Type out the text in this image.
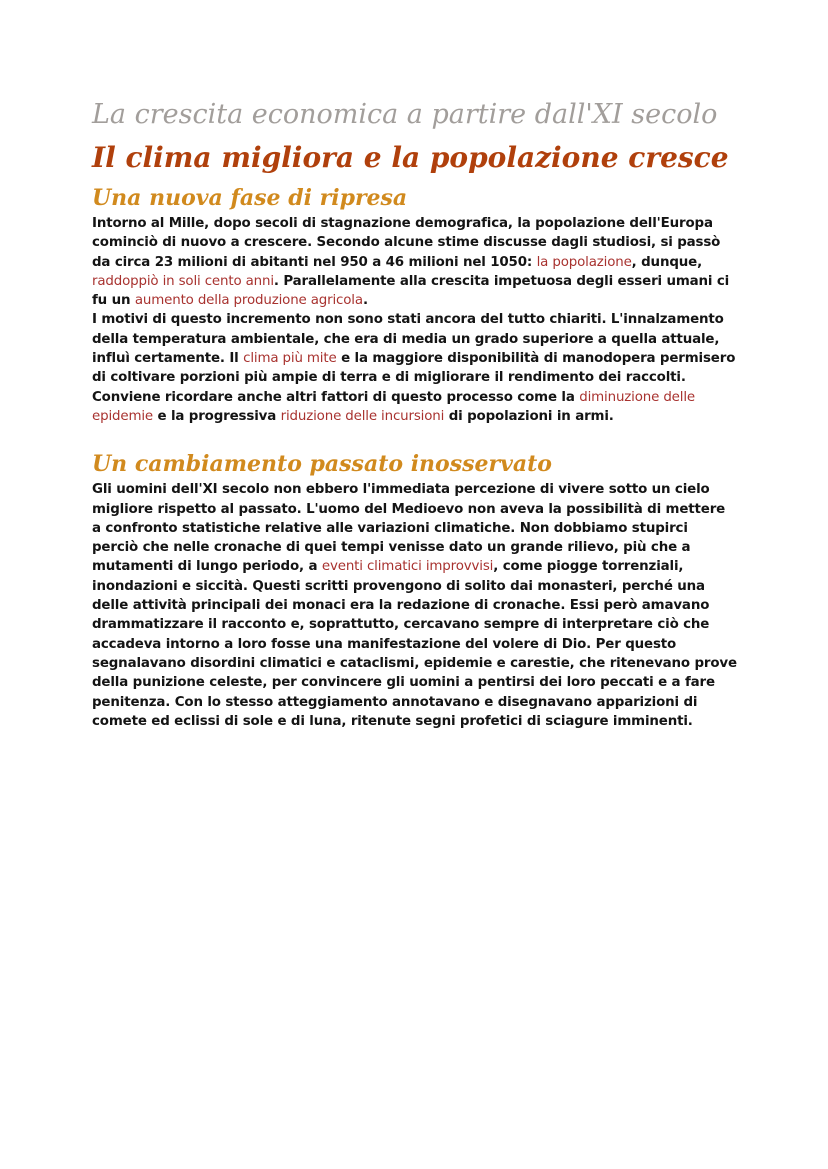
La crescita economica a partire dall'XI secolo
Il clima migliora e la popolazione cresce
Una nuova fase di ripresa

Intorno al Mille, dopo secoli di stagnazione demografica, la popolazione dell'Europa cominciò di nuovo a crescere. Secondo alcune stime discusse dagli studiosi, si passò da circa 23 milioni di abitanti nel 950 a 46 milioni nel 1050: la popolazione, dunque, raddoppiò in soli cento anni. Parallelamente alla crescita impetuosa degli esseri umani ci fu un aumento della produzione agricola.

I motivi di questo incremento non sono stati ancora del tutto chiariti. L'innalzamento della temperatura ambientale, che era di media un grado superiore a quella attuale, influì certamente. Il clima più mite e la maggiore disponibilità di manodopera permisero di coltivare porzioni più ampie di terra e di migliorare il rendimento dei raccolti. Conviene ricordare anche altri fattori di questo processo come la diminuzione delle epidemie e la progressiva riduzione delle incursioni di popolazioni in armi.

Un cambiamento passato inosservato

Gli uomini dell'XI secolo non ebbero l'immediata percezione di vivere sotto un cielo migliore rispetto al passato. L'uomo del Medioevo non aveva la possibilità di mettere a confronto statistiche relative alle variazioni climatiche. Non dobbiamo stupirci perciò che nelle cronache di quei tempi venisse dato un grande rilievo, più che a mutamenti di lungo periodo, a eventi climatici improvvisi, come piogge torrenziali, inondazioni e siccità. Questi scritti provengono di solito dai monasteri, perché una delle attività principali dei monaci era la redazione di cronache. Essi però amavano drammatizzare il racconto e, soprattutto, cercavano sempre di interpretare ciò che accadeva intorno a loro fosse una manifestazione del volere di Dio. Per questo segnalavano disordini climatici e cataclismi, epidemie e carestie, che ritenevano prove della punizione celeste, per convincere gli uomini a pentirsi dei loro peccati e a fare penitenza. Con lo stesso atteggiamento annotavano e disegnavano apparizioni di comete ed eclissi di sole e di luna, ritenute segni profetici di sciagure imminenti.
